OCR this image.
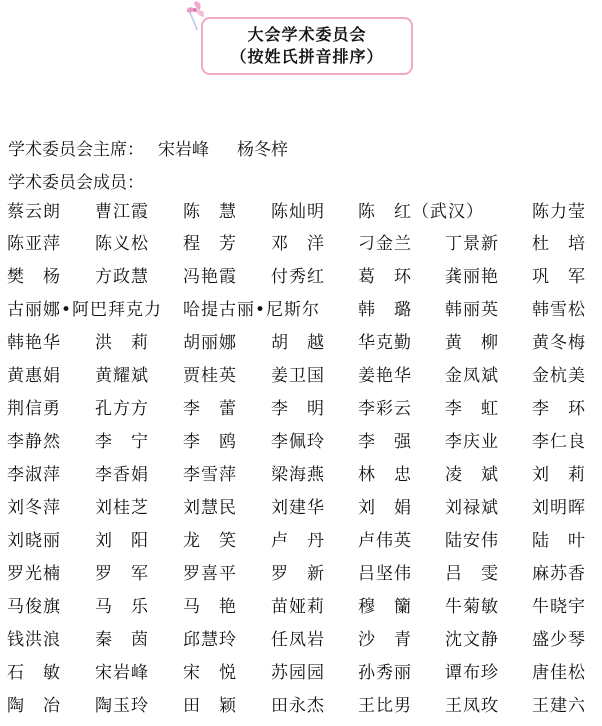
大会学术委员会
（按姓氏拼音排序）
学术委员会主席： 宋岩峰 杨冬梓
学术委员会成员：
蔡云朗 曹江霞 陈　慧 陈灿明 陈　红（武汉）	陈力莹
陈亚萍 陈义松 程　芳 邓　洋 刁金兰 丁景新 杜　培
樊　杨 方政慧 冯艳霞 付秀红 葛　环 龚丽艳 巩　军
古丽娜•阿巴拜克力 哈提古丽•尼斯尔 韩　璐 韩丽英 韩雪松
韩艳华 洪　莉 胡丽娜 胡　越 华克勤 黄　柳 黄冬梅
黄惠娟 黄耀斌 贾桂英 姜卫国 姜艳华 金凤斌 金杭美
荆信勇 孔方方 李　蕾 李　明 李彩云 李　虹 李　环
李静然 李　宁 李　鸥 李佩玲 李　强 李庆业 李仁良
李淑萍 李香娟 李雪萍 梁海燕 林　忠 凌　斌 刘　莉
刘冬萍 刘桂芝 刘慧民 刘建华 刘　娟 刘禄斌 刘明晖
刘晓丽 刘　阳 龙　笑 卢　丹 卢伟英 陆安伟 陆　叶
罗光楠 罗　军 罗喜平 罗　新 吕坚伟 吕　雯 麻苏香
马俊旗 马　乐 马　艳 苗娅莉 穆　籣 牛菊敏 牛晓宇
钱洪浪 秦　茵 邱慧玲 任凤岩 沙　青 沈文静 盛少琴
石　敏 宋岩峰 宋　悦 苏园园 孙秀丽 谭布珍 唐佳松
陶　冶 陶玉玲 田　颖 田永杰 王比男 王凤玫 王建六
